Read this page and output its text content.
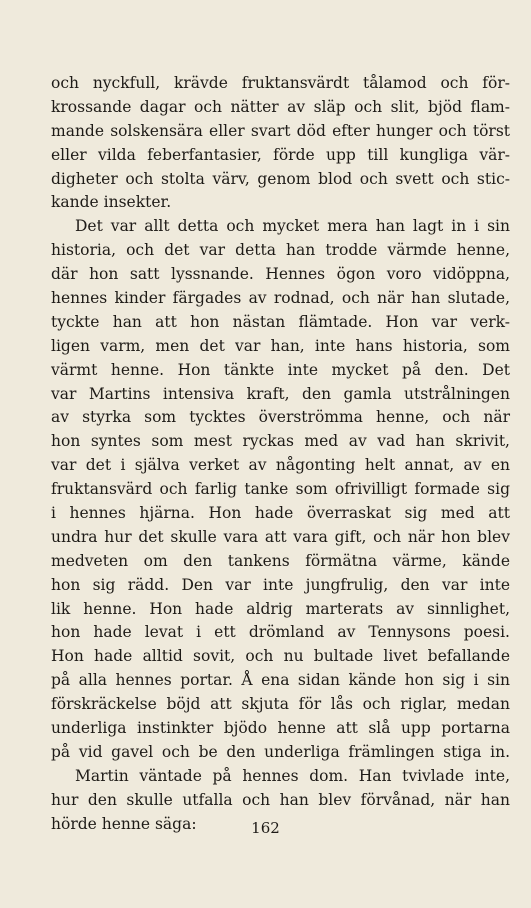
och nyckfull, krävde fruktansvärdt tålamod och för-
krossande dagar och nätter av släp och slit, bjöd flam-
mande solskensära eller svart död efter hunger och törst
eller vilda feberfantasier, förde upp till kungliga vär-
digheter och stolta värv, genom blod och svett och stic-
kande insekter.
Det var allt detta och mycket mera han lagt in i sin
historia, och det var detta han trodde värmde henne,
där hon satt lyssnande. Hennes ögon voro vidöppna,
hennes kinder färgades av rodnad, och när han slutade,
tyckte han att hon nästan flämtade. Hon var verk-
ligen varm, men det var han, inte hans historia, som
värmt henne. Hon tänkte inte mycket på den. Det
var Martins intensiva kraft, den gamla utstrålningen
av styrka som tycktes överströmma henne, och när
hon syntes som mest ryckas med av vad han skrivit,
var det i själva verket av någonting helt annat, av en
fruktansvärd och farlig tanke som ofrivilligt formade sig
i hennes hjärna. Hon hade överraskat sig med att
undra hur det skulle vara att vara gift, och när hon blev
medveten om den tankens förmätna värme, kände
hon sig rädd. Den var inte jungfrulig, den var inte
lik henne. Hon hade aldrig marterats av sinnlighet,
hon hade levat i ett drömland av Tennysons poesi.
Hon hade alltid sovit, och nu bultade livet befallande
på alla hennes portar. Å ena sidan kände hon sig i sin
förskräckelse böjd att skjuta för lås och riglar, medan
underliga instinkter bjödo henne att slå upp portarna
på vid gavel och be den underliga främlingen stiga in.
Martin väntade på hennes dom. Han tvivlade inte,
hur den skulle utfalla och han blev förvånad, när han
hörde henne säga:	162
